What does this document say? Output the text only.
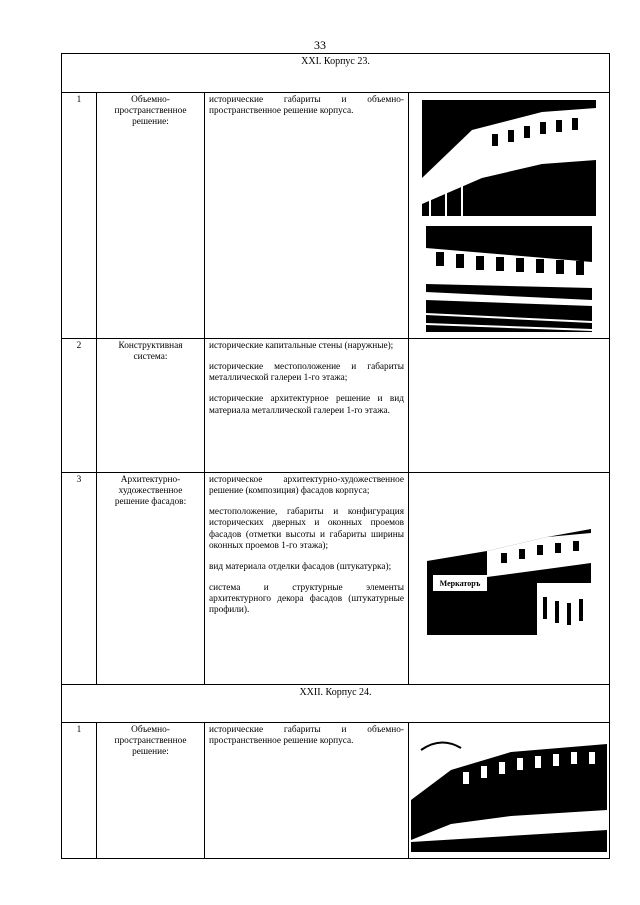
33
XXI. Корпус 23.			
1	Объемно-пространственное решение:	исторические габариты и объемно-пространственное решение корпуса.

2	Конструктивная система:	исторические капитальные стены (наружные);

исторические местоположение и габариты металлической галереи 1-го этажа;

исторические архитектурное решение и вид материала металлической галереи 1-го этажа.	

3	Архитектурно-художественное решение фасадов:	историческое архитектурно-художественное решение (композиция) фасадов корпуса;

местоположение, габариты и конфигурация исторических дверных и оконных проемов фасадов (отметки высоты и габариты ширины оконных проемов 1-го этажа);

вид материала отделки фасадов (штукатурка);

система и структурные элементы архитектурного декора фасадов (штукатурные профили).	Меркаторъ

XXII. Корпус 24.			
1	Объемно-пространственное решение:	исторические габариты и объемно-пространственное решение корпуса.
